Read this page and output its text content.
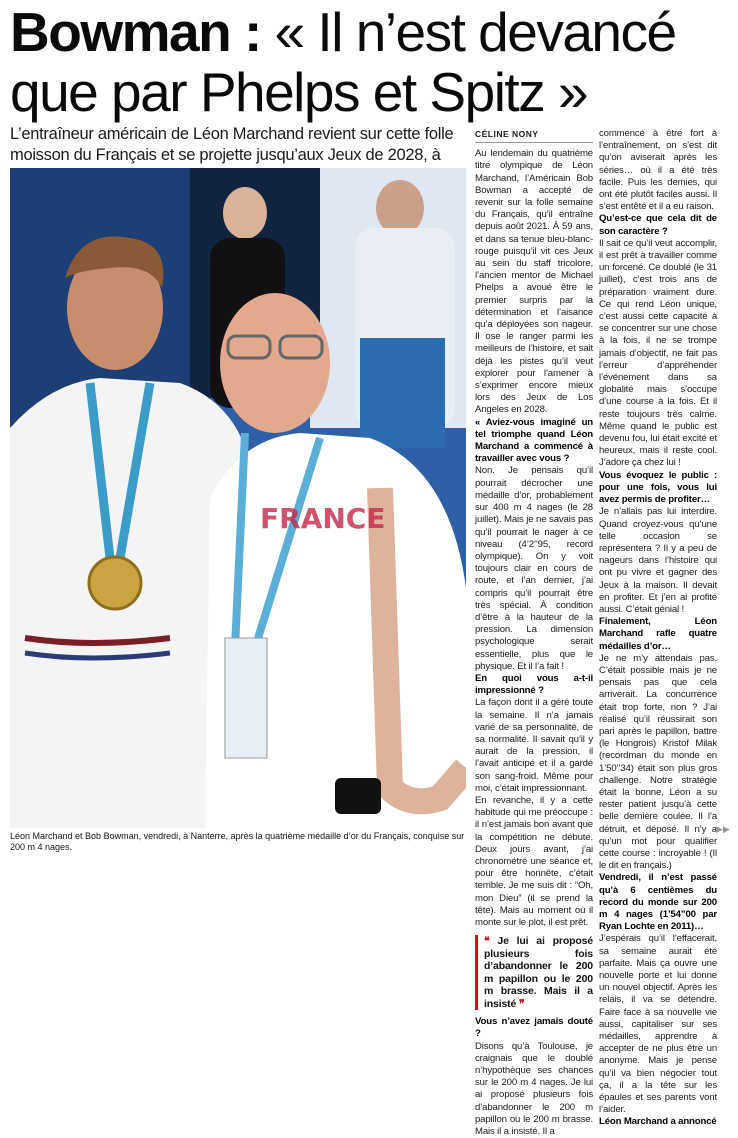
Bowman : « Il n’est devancé
que par Phelps et Spitz »
L’entraîneur américain de Léon Marchand revient sur cette folle moisson du Français et se projette jusqu’aux Jeux de 2028, à
FRANCE
Léon Marchand et Bob Bowman, vendredi, à Nanterre, après la quatrième médaille d’or du Français, conquise sur 200 m 4 nages.
CÉLINE NONY

Au lendemain du quatrième titre olympique de Léon Marchand, l’Américain Bob Bowman a accepté de revenir sur la folle semaine du Français, qu’il entraîne depuis août 2021. À 59 ans, et dans sa tenue bleu-blanc-rouge puisqu’il vit ces Jeux au sein du staff tricolore, l’ancien mentor de Michael Phelps a avoué être le premier surpris par la détermination et l’aisance qu’a déployées son nageur. Il ose le ranger parmi les meilleurs de l’histoire, et sait déjà les pistes qu’il veut explorer pour l’amener à s’exprimer encore mieux lors des Jeux de Los Angeles en 2028.

« Aviez-vous imaginé un tel triomphe quand Léon Marchand a commencé à travailler avec vous ?

Non. Je pensais qu’il pourrait décrocher une médaille d’or, probablement sur 400 m 4 nages (le 28 juillet). Mais je ne savais pas qu’il pourrait le nager à ce niveau (4’2’’95, record olympique). On y voit toujours clair en cours de route, et l’an dernier, j’ai compris qu’il pourrait être très spécial. À condition d’être à la hauteur de la pression. La dimension psychologique serait essentielle, plus que le physique. Et il l’a fait !

En quoi vous a-t-il impressionné ?

La façon dont il a géré toute la semaine. Il n’a jamais varié de sa personnalité, de sa normalité. Il savait qu’il y aurait de la pression, il l’avait anticipé et il a gardé son sang-froid. Même pour moi, c’était impressionnant.

En revanche, il y a cette habitude qui me préoccupe : il n’est jamais bon avant que la compétition ne débute. Deux jours avant, j’ai chronométré une séance et, pour être honnête, c’était terrible. Je me suis dit : “Oh, mon Dieu” (il se prend la tête). Mais au moment où il monte sur le plot, il est prêt.

❝ Je lui ai proposé plusieurs fois d’abandonner le 200 m papillon ou le 200 m brasse. Mais il a insisté ❞

Vous n’avez jamais douté ?

Disons qu’à Toulouse, je craignais que le doublé n’hypothèque ses chances sur le 200 m 4 nages. Je lui ai proposé plusieurs fois d’abandonner le 200 m papillon ou le 200 m brasse. Mais il a insisté. Il a

commencé à être fort à l’entraînement, on s’est dit qu’on aviserait après les séries… où il a été très facile. Puis les demies, qui ont été plutôt faciles aussi. Il s’est entêté et il a eu raison.

Qu’est-ce que cela dit de son caractère ?

Il sait ce qu’il veut accomplir, il est prêt à travailler comme un forcené. Ce doublé (le 31 juillet), c’est trois ans de préparation vraiment dure. Ce qui rend Léon unique, c’est aussi cette capacité à se concentrer sur une chose à la fois, il ne se trompe jamais d’objectif, ne fait pas l’erreur d’appréhender l’événement dans sa globalité mais s’occupe d’une course à la fois. Et il reste toujours très calme. Même quand le public est devenu fou, lui était excité et heureux, mais il reste cool. J’adore ça chez lui !

Vous évoquez le public : pour une fois, vous lui avez permis de profiter…

Je n’allais pas lui interdire. Quand croyez-vous qu’une telle occasion se représentera ? Il y a peu de nageurs dans l’histoire qui ont pu vivre et gagner des Jeux à la maison. Il devait en profiter. Et j’en ai profité aussi. C’était génial !

Finalement, Léon Marchand rafle quatre médailles d’or…

Je ne m’y attendais pas. C’était possible mais je ne pensais pas que cela arriverait. La concurrence était trop forte, non ? J’ai réalisé qu’il réussirait son pari après le papillon, battre (le Hongrois) Kristof Milak (recordman du monde en 1’50’’34) était son plus gros challenge. Notre stratégie était la bonne, Léon a su rester patient jusqu’à cette belle dernière coulée. Il l’a détruit, et déposé. Il n’y a qu’un mot pour qualifier cette course : incroyable ! (Il le dit en français.)

Vendredi, il n’est passé qu’à 6 centièmes du record du monde sur 200 m 4 nages (1’54’’00 par Ryan Lochte en 2011)…

J’espérais qu’il l’effacerait, sa semaine aurait été parfaite. Mais ça ouvre une nouvelle porte et lui donne un nouvel objectif. Après les relais, il va se détendre. Faire face à sa nouvelle vie aussi, capitaliser sur ses médailles, apprendre à accepter de ne plus être un anonyme. Mais je pense qu’il va bien négocier tout ça, il a la tête sur les épaules et ses parents vont l’aider.

Léon Marchand a annoncé

▶▶
